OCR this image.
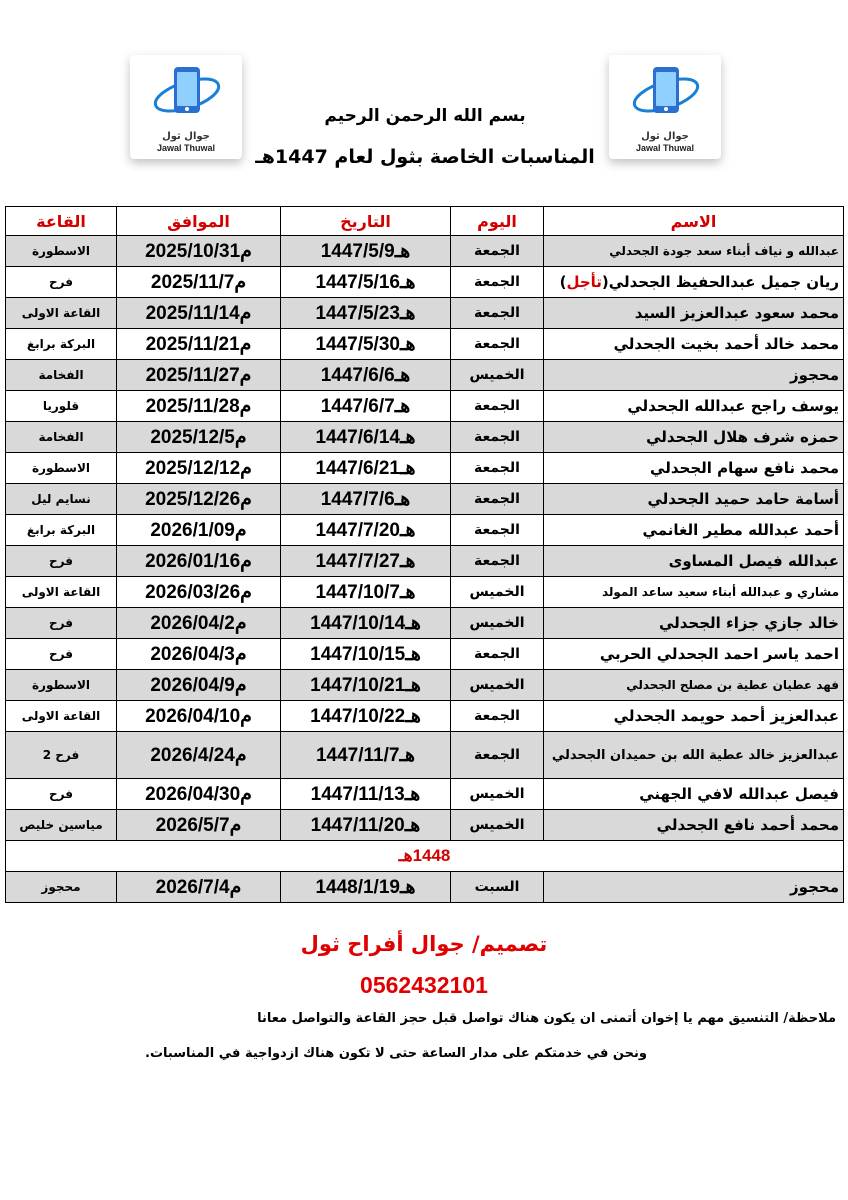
جوال ثول
Jawal Thuwal
جوال ثول
Jawal Thuwal
بسم الله الرحمن الرحيم
المناسبات الخاصة بثول لعام 1447هـ
الاسم	اليوم	التاريخ	الموافق	القاعة
عبدالله و نياف أبناء سعد جودة الجحدلي	الجمعة	1447/5/9هـ	2025/10/31م	الاسطورة
ريان جميل عبدالحفيظ الجحدلي(تأجل)	الجمعة	1447/5/16هـ	2025/11/7م	فرح
محمد سعود عبدالعزيز السيد	الجمعة	1447/5/23هـ	2025/11/14م	القاعة الاولى
محمد خالد أحمد بخيت الجحدلي	الجمعة	1447/5/30هـ	2025/11/21م	البركة برابغ
محجوز	الخميس	1447/6/6هـ	2025/11/27م	الفخامة
يوسف راجح عبدالله الجحدلي	الجمعة	1447/6/7هـ	2025/11/28م	قلوريا
حمزه شرف هلال الجحدلي	الجمعة	1447/6/14هـ	2025/12/5م	الفخامة
محمد نافع سهام الجحدلي	الجمعة	1447/6/21هـ	2025/12/12م	الاسطورة
أسامة حامد حميد الجحدلي	الجمعة	1447/7/6هـ	2025/12/26م	نسايم ليل
أحمد عبدالله مطير الغانمي	الجمعة	1447/7/20هـ	2026/1/09م	البركة برابغ
عبدالله فيصل المساوى	الجمعة	1447/7/27هـ	2026/01/16م	فرح
مشاري و عبدالله أبناء سعيد ساعد المولد	الخميس	1447/10/7هـ	2026/03/26م	القاعة الاولى
خالد جازي جزاء الجحدلي	الخميس	1447/10/14هـ	2026/04/2م	فرح
احمد ياسر احمد الجحدلي الحربي	الجمعة	1447/10/15هـ	2026/04/3م	فرح
فهد عطيان عطية بن مصلح الجحدلي	الخميس	1447/10/21هـ	2026/04/9م	الاسطورة
عبدالعزيز أحمد حويمد الجحدلي	الجمعة	1447/10/22هـ	2026/04/10م	القاعة الاولى
عبدالعزيز خالد عطية الله بن حميدان الجحدلي	الجمعة	1447/11/7هـ	2026/4/24م	فرح 2
فيصل عبدالله لافي الجهني	الخميس	1447/11/13هـ	2026/04/30م	فرح
محمد أحمد نافع الجحدلي	الخميس	1447/11/20هـ	2026/5/7م	مياسين خليص
1448هـ				
محجوز	السبت	1448/1/19هـ	2026/7/4م	محجوز
تصميم/ جوال أفراح ثول
0562432101
ملاحظة/ التنسيق مهم يا إخوان أتمنى ان يكون هناك تواصل قبل حجز القاعة والتواصل معانا
ونحن في خدمتكم على مدار الساعة حتى لا تكون هناك ازدواجية في المناسبات.
